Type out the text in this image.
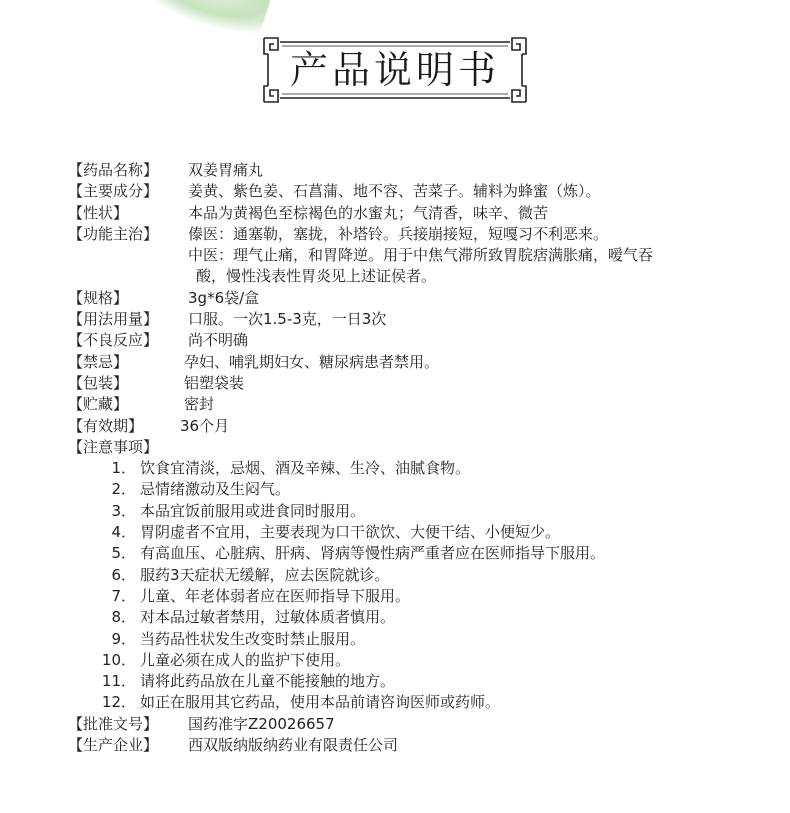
产品说明书
【药品名称】 双姜胃痛丸
【主要成分】 姜黄、紫色姜、石菖蒲、地不容、苦菜子。辅料为蜂蜜（炼）。
【性状】	本品为黄褐色至棕褐色的水蜜丸；气清香，味辛、微苦
【功能主治】 傣医：通塞勒，塞拢，补塔铃。兵接崩接短，短嘎习不利恶来。
中医：理气止痛，和胃降逆。用于中焦气滞所致胃脘痞满胀痛，嗳气吞
酸，慢性浅表性胃炎见上述证侯者。
【规格】	3g*6袋/盒
【用法用量】 口服。一次1.5-3克，一日3次
【不良反应】 尚不明确
【禁忌】	孕妇、哺乳期妇女、糖尿病患者禁用。
【包装】	铝塑袋装
【贮藏】	密封
【有效期】 36个月
【注意事项】
1． 饮食宜清淡，忌烟、酒及辛辣、生冷、油腻食物。
2． 忌情绪激动及生闷气。
3． 本品宜饭前服用或进食同时服用。
4． 胃阴虚者不宜用，主要表现为口干欲饮、大便干结、小便短少。
5． 有高血压、心脏病、肝病、肾病等慢性病严重者应在医师指导下服用。
6． 服药3天症状无缓解，应去医院就诊。
7． 儿童、年老体弱者应在医师指导下服用。
8． 对本品过敏者禁用，过敏体质者慎用。
9． 当药品性状发生改变时禁止服用。
10． 儿童必须在成人的监护下使用。
11． 请将此药品放在儿童不能接触的地方。
12． 如正在服用其它药品，使用本品前请咨询医师或药师。
【批准文号】 国药准字Z20026657
【生产企业】 西双版纳版纳药业有限责任公司
